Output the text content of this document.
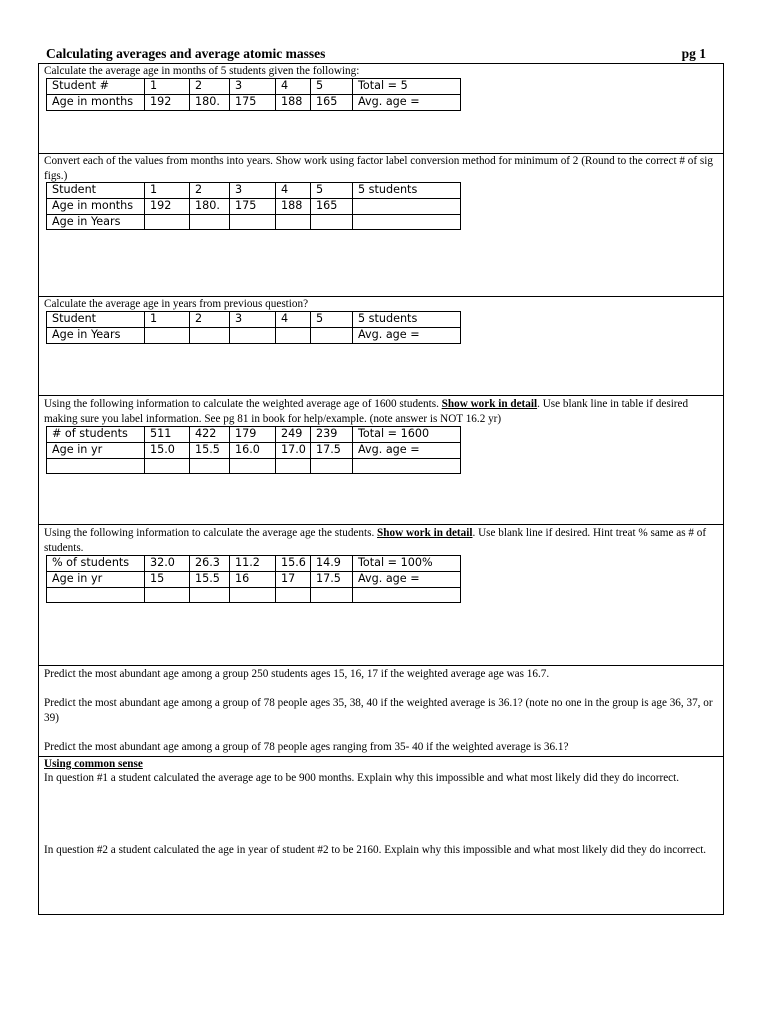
Calculating averages and average atomic masses	pg 1
Calculate the average age in months of 5 students given the following:
Student #	1	2	3	4	5	Total = 5
Age in months	192	180.	175	188	165	Avg. age =
Convert each of the values from months into years. Show work using factor label conversion method for minimum of 2 (Round to the correct # of sig figs.)
Student	1	2	3	4	5	5 students
Age in months	192	180.	175	188	165	
Age in Years						
Calculate the average age in years from previous question?
Student	1	2	3	4	5	5 students
Age in Years						Avg. age =
Using the following information to calculate the weighted average age of 1600 students. Show work in detail. Use blank line in table if desired making sure you label information. See pg 81 in book for help/example. (note answer is NOT 16.2 yr)
# of students	511	422	179	249	239	Total = 1600
Age in yr	15.0	15.5	16.0	17.0	17.5	Avg. age =

Using the following information to calculate the average age the students. Show work in detail. Use blank line if desired. Hint treat % same as # of students.
% of students	32.0	26.3	11.2	15.6	14.9	Total = 100%
Age in yr	15	15.5	16	17	17.5	Avg. age =

Predict the most abundant age among a group 250 students ages 15, 16, 17 if the weighted average age was 16.7.
Predict the most abundant age among a group of 78 people ages 35, 38, 40 if the weighted average is 36.1? (note no one in the group is age 36, 37, or 39)
Predict the most abundant age among a group of 78 people ages ranging from 35- 40 if the weighted average is 36.1?
Using common sense
In question #1 a student calculated the average age to be 900 months. Explain why this impossible and what most likely did they do incorrect.
In question #2 a student calculated the age in year of student #2 to be 2160. Explain why this impossible and what most likely did they do incorrect.
